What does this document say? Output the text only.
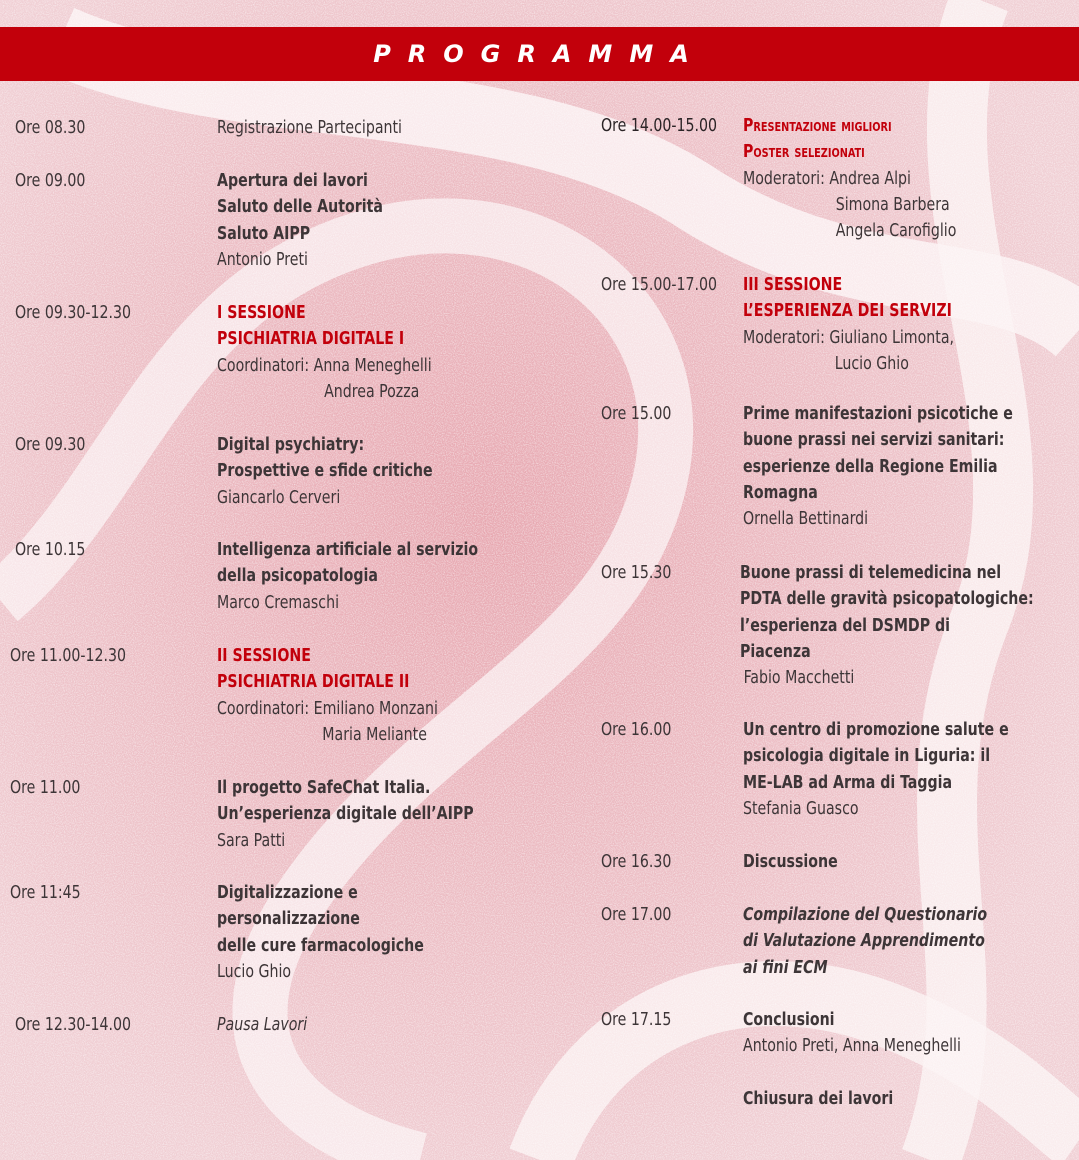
PROGRAMMA
Ore 08.30	Registrazione Partecipanti
Ore 09.00	Apertura dei lavori
Saluto delle Autorità
Saluto AIPP
Antonio Preti
Ore 09.30-12.30	I SESSIONE
PSICHIATRIA DIGITALE I
Coordinatori: Anna Meneghelli
Andrea Pozza
Ore 09.30	Digital psychiatry:
Prospettive e sfide critiche
Giancarlo Cerveri
Ore 10.15	Intelligenza artificiale al servizio
della psicopatologia
Marco Cremaschi
Ore 11.00-12.30	II SESSIONE
PSICHIATRIA DIGITALE II
Coordinatori: Emiliano Monzani
Maria Meliante
Ore 11.00	Il progetto SafeChat Italia.
Un’esperienza digitale dell’AIPP
Sara Patti
Ore 11:45	Digitalizzazione e
personalizzazione
delle cure farmacologiche
Lucio Ghio
Ore 12.30-14.00	Pausa Lavori
Ore 14.00-15.00 Presentazione migliori
Poster selezionati
Moderatori: Andrea Alpi
Simona Barbera
Angela Carofiglio
Ore 15.00-17.00 III SESSIONE
L’ESPERIENZA DEI SERVIZI
Moderatori: Giuliano Limonta,
Lucio Ghio
Ore 15.00	Prime manifestazioni psicotiche e
buone prassi nei servizi sanitari:
esperienze della Regione Emilia
Romagna
Ornella Bettinardi
Ore 15.30	Buone prassi di telemedicina nel
PDTA delle gravità psicopatologiche:
l’esperienza del DSMDP di
Piacenza
Fabio Macchetti
Ore 16.00	Un centro di promozione salute e
psicologia digitale in Liguria: il
ME-LAB ad Arma di Taggia
Stefania Guasco
Ore 16.30	Discussione
Ore 17.00	Compilazione del Questionario
di Valutazione Apprendimento
ai fini ECM
Ore 17.15	Conclusioni
Antonio Preti, Anna Meneghelli
Chiusura dei lavori
